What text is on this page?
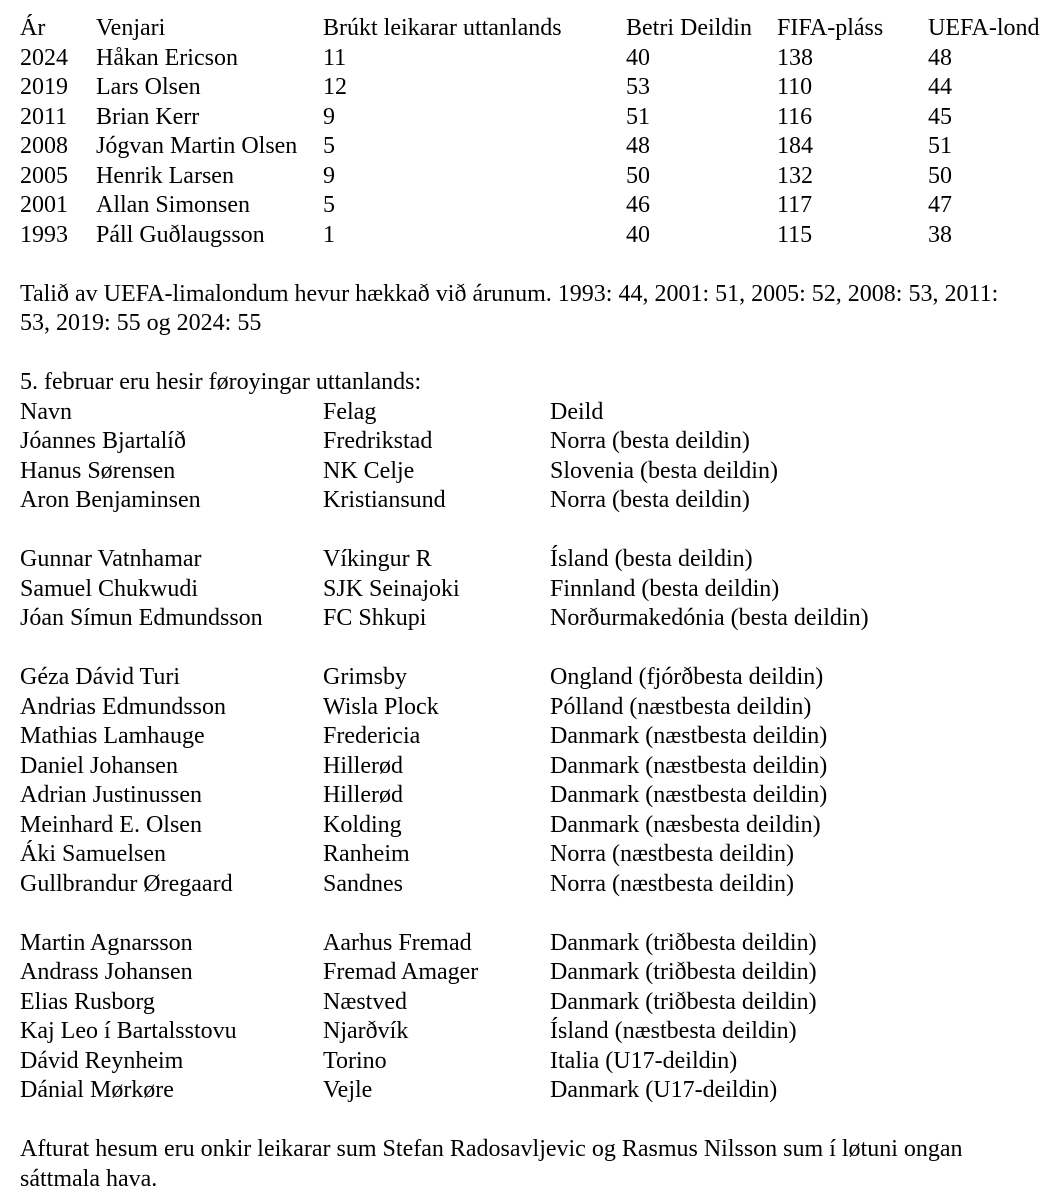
Ár	Venjari	Brúkt leikarar uttanlands	Betri Deildin	FIFA-pláss	UEFA-lond
2024	Håkan Ericson	11	40	138	48
2019	Lars Olsen	12	53	110	44
2011	Brian Kerr	9	51	116	45
2008	Jógvan Martin Olsen	5	48	184	51
2005	Henrik Larsen	9	50	132	50
2001	Allan Simonsen	5	46	117	47
1993	Páll Guðlaugsson	1	40	115	38

Talið av UEFA-limalondum hevur hækkað við árunum. 1993: 44, 2001: 51, 2005: 52, 2008: 53, 2011: 53, 2019: 55 og 2024: 55

5. februar eru hesir føroyingar uttanlands:
Navn	Felag	Deild
Jóannes Bjartalíð	Fredrikstad	Norra (besta deildin)
Hanus Sørensen	NK Celje	Slovenia (besta deildin)
Aron Benjaminsen	Kristiansund	Norra (besta deildin)

Gunnar Vatnhamar	Víkingur R	Ísland (besta deildin)
Samuel Chukwudi	SJK Seinajoki	Finnland (besta deildin)
Jóan Símun Edmundsson	FC Shkupi	Norðurmakedónia (besta deildin)

Géza Dávid Turi	Grimsby	Ongland (fjórðbesta deildin)
Andrias Edmundsson	Wisla Plock	Pólland (næstbesta deildin)
Mathias Lamhauge	Fredericia	Danmark (næstbesta deildin)
Daniel Johansen	Hillerød	Danmark (næstbesta deildin)
Adrian Justinussen	Hillerød	Danmark (næstbesta deildin)
Meinhard E. Olsen	Kolding	Danmark (næsbesta deildin)
Áki Samuelsen	Ranheim	Norra (næstbesta deildin)
Gullbrandur Øregaard	Sandnes	Norra (næstbesta deildin)

Martin Agnarsson	Aarhus Fremad	Danmark (triðbesta deildin)
Andrass Johansen	Fremad Amager	Danmark (triðbesta deildin)
Elias Rusborg	Næstved	Danmark (triðbesta deildin)
Kaj Leo í Bartalsstovu	Njarðvík	Ísland (næstbesta deildin)
Dávid Reynheim	Torino	Italia (U17-deildin)
Dánial Mørkøre	Vejle	Danmark (U17-deildin)

Afturat hesum eru onkir leikarar sum Stefan Radosavljevic og Rasmus Nilsson sum í løtuni ongan sáttmala hava.
